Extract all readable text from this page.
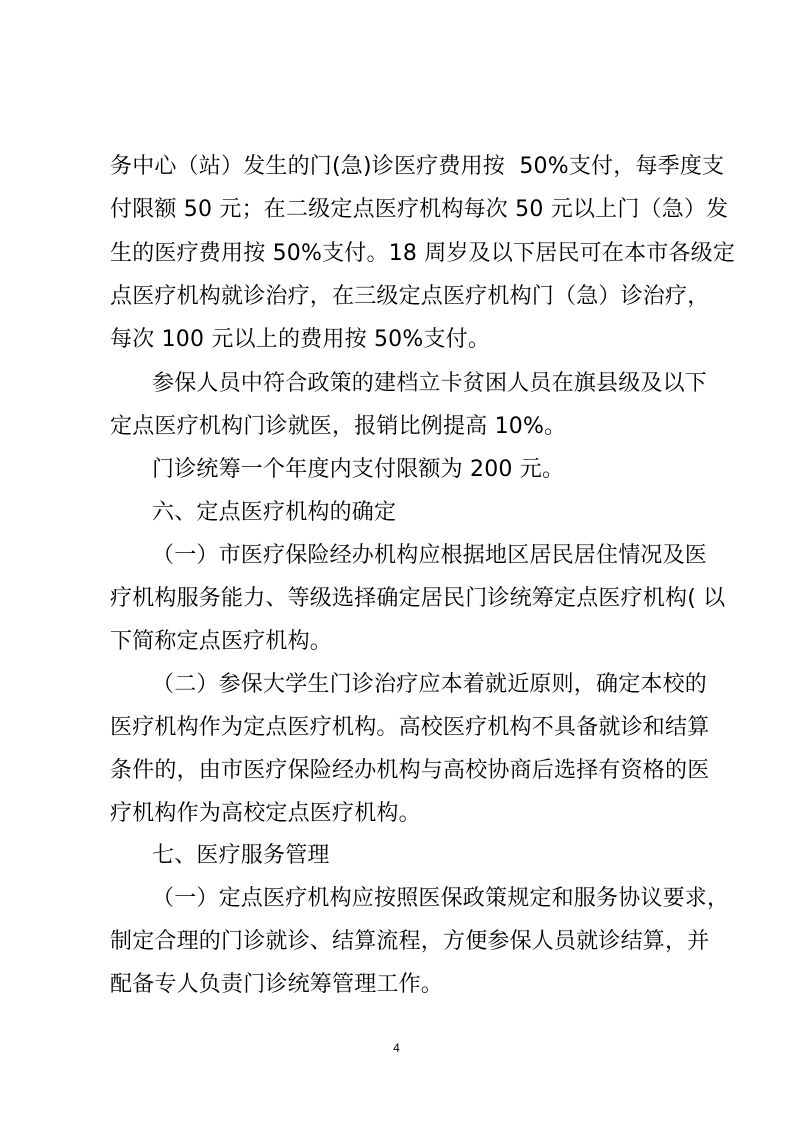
务中心（站）发生的门(急)诊医疗费用按  50%支付，每季度支
付限额 50 元；在二级定点医疗机构每次 50 元以上门（急）发
生的医疗费用按 50%支付。18 周岁及以下居民可在本市各级定
点医疗机构就诊治疗，在三级定点医疗机构门（急）诊治疗，
每次 100 元以上的费用按 50%支付。
参保人员中符合政策的建档立卡贫困人员在旗县级及以下
定点医疗机构门诊就医，报销比例提高 10%。
门诊统筹一个年度内支付限额为 200 元。
六、定点医疗机构的确定
（一）市医疗保险经办机构应根据地区居民居住情况及医
疗机构服务能力、等级选择确定居民门诊统筹定点医疗机构( 以
下简称定点医疗机构。
（二）参保大学生门诊治疗应本着就近原则，确定本校的
医疗机构作为定点医疗机构。高校医疗机构不具备就诊和结算
条件的，由市医疗保险经办机构与高校协商后选择有资格的医
疗机构作为高校定点医疗机构。
七、医疗服务管理
（一）定点医疗机构应按照医保政策规定和服务协议要求，
制定合理的门诊就诊、结算流程，方便参保人员就诊结算，并
配备专人负责门诊统筹管理工作。
4
